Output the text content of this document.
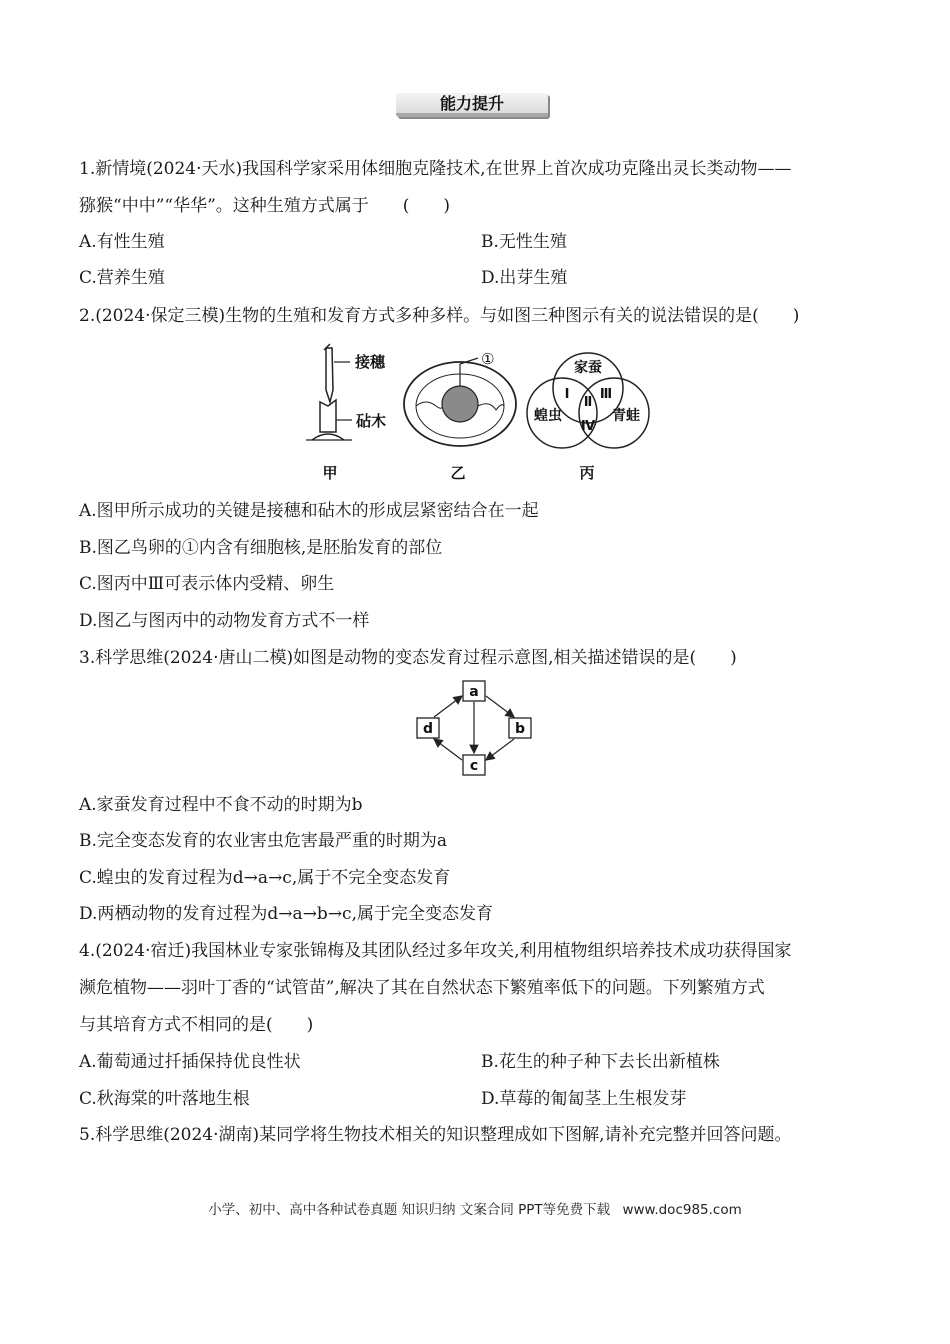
能力提升
1.新情境(2024·天水)我国科学家采用体细胞克隆技术,在世界上首次成功克隆出灵长类动物——
猕猴“中中”“华华”。这种生殖方式属于　　(　　)
A.有性生殖	B.无性生殖
C.营养生殖	D.出芽生殖
2.(2024·保定三模)生物的生殖和发育方式多种多样。与如图三种图示有关的说法错误的是(　　)
接穗
砧木
甲
①
乙
家蚕
蝗虫	青蛙
Ⅰ
Ⅱ
Ⅲ
Ⅳ
丙
A.图甲所示成功的关键是接穗和砧木的形成层紧密结合在一起
B.图乙鸟卵的①内含有细胞核,是胚胎发育的部位
C.图丙中Ⅲ可表示体内受精、卵生
D.图乙与图丙中的动物发育方式不一样
3.科学思维(2024·唐山二模)如图是动物的变态发育过程示意图,相关描述错误的是(　　)
a
b
c
d
A.家蚕发育过程中不食不动的时期为b
B.完全变态发育的农业害虫危害最严重的时期为a
C.蝗虫的发育过程为d→a→c,属于不完全变态发育
D.两栖动物的发育过程为d→a→b→c,属于完全变态发育
4.(2024·宿迁)我国林业专家张锦梅及其团队经过多年攻关,利用植物组织培养技术成功获得国家
濒危植物——羽叶丁香的“试管苗”,解决了其在自然状态下繁殖率低下的问题。下列繁殖方式
与其培育方式不相同的是(　　)
A.葡萄通过扦插保持优良性状	B.花生的种子种下去长出新植株
C.秋海棠的叶落地生根	D.草莓的匍匐茎上生根发芽
5.科学思维(2024·湖南)某同学将生物技术相关的知识整理成如下图解,请补充完整并回答问题。
小学、初中、高中各种试卷真题 知识归纳 文案合同 PPT等免费下载 www.doc985.com
